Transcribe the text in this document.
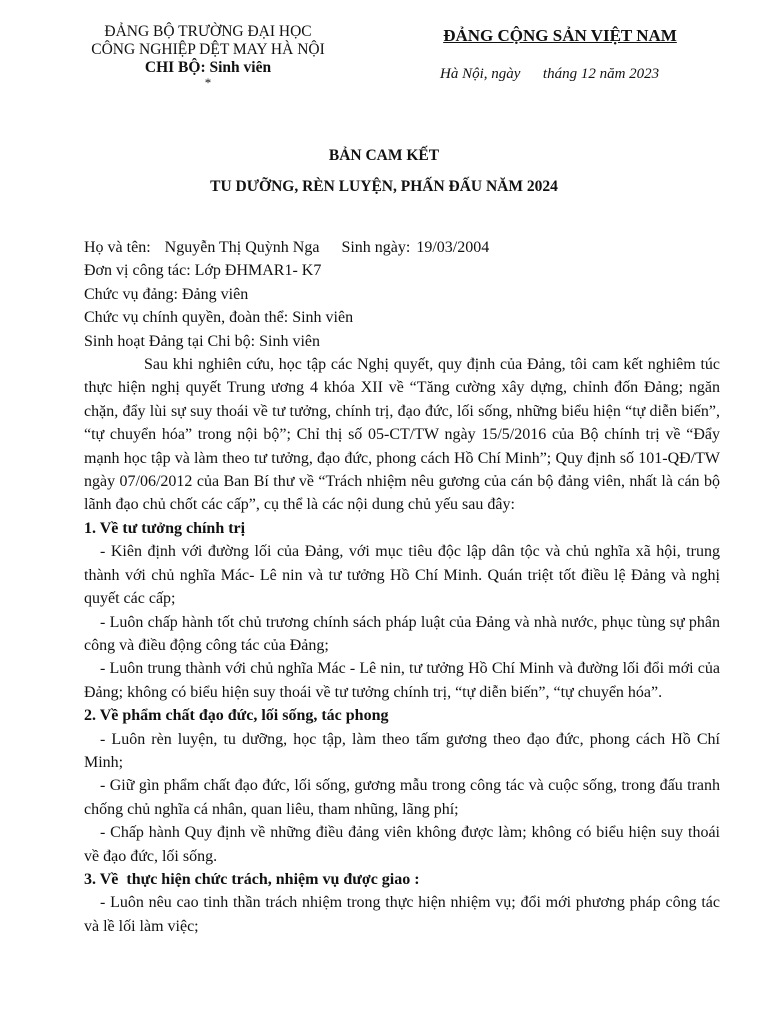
ĐẢNG BỘ TRƯỜNG ĐẠI HỌC
CÔNG NGHIỆP DỆT MAY HÀ NỘI
CHI BỘ: Sinh viên
*
ĐẢNG CỘNG SẢN VIỆT NAM
Hà Nội, ngày      tháng 12 năm 2023
BẢN CAM KẾT
TU DƯỠNG, RÈN LUYỆN, PHẤN ĐẤU NĂM 2024
Họ và tên: Nguyễn Thị Quỳnh Nga Sinh ngày: 19/03/2004
Đơn vị công tác: Lớp ĐHMAR1- K7
Chức vụ đảng: Đảng viên
Chức vụ chính quyền, đoàn thể: Sinh viên
Sinh hoạt Đảng tại Chi bộ: Sinh viên

Sau khi nghiên cứu, học tập các Nghị quyết, quy định của Đảng, tôi cam kết nghiêm túc thực hiện nghị quyết Trung ương 4 khóa XII về “Tăng cường xây dựng, chỉnh đốn Đảng; ngăn chặn, đẩy lùi sự suy thoái về tư tưởng, chính trị, đạo đức, lối sống, những biểu hiện “tự diễn biến”, “tự chuyển hóa” trong nội bộ”; Chỉ thị số 05-CT/TW ngày 15/5/2016 của Bộ chính trị về “Đẩy mạnh học tập và làm theo tư tưởng, đạo đức, phong cách Hồ Chí Minh”; Quy định số 101-QĐ/TW ngày 07/06/2012 của Ban Bí thư về “Trách nhiệm nêu gương của cán bộ đảng viên, nhất là cán bộ lãnh đạo chủ chốt các cấp”, cụ thể là các nội dung chủ yếu sau đây:

1. Về tư tưởng chính trị

- Kiên định với đường lối của Đảng, với mục tiêu độc lập dân tộc và chủ nghĩa xã hội, trung thành với chủ nghĩa Mác- Lê nin và tư tưởng Hồ Chí Minh. Quán triệt tốt điều lệ Đảng và nghị quyết các cấp;

- Luôn chấp hành tốt chủ trương chính sách pháp luật của Đảng và nhà nước, phục tùng sự phân công và điều động công tác của Đảng;

- Luôn trung thành với chủ nghĩa Mác - Lê nin, tư tưởng Hồ Chí Minh và đường lối đổi mới của Đảng; không có biểu hiện suy thoái về tư tưởng chính trị, “tự diễn biến”, “tự chuyển hóa”.

2. Về phẩm chất đạo đức, lối sống, tác phong

- Luôn rèn luyện, tu dưỡng, học tập, làm theo tấm gương theo đạo đức, phong cách Hồ Chí Minh;

- Giữ gìn phẩm chất đạo đức, lối sống, gương mẫu trong công tác và cuộc sống, trong đấu tranh chống chủ nghĩa cá nhân, quan liêu, tham nhũng, lãng phí;

- Chấp hành Quy định về những điều đảng viên không được làm; không có biểu hiện suy thoái về đạo đức, lối sống.

3. Về  thực hiện chức trách, nhiệm vụ được giao :

- Luôn nêu cao tinh thần trách nhiệm trong thực hiện nhiệm vụ; đổi mới phương pháp công tác và lề lối làm việc;
